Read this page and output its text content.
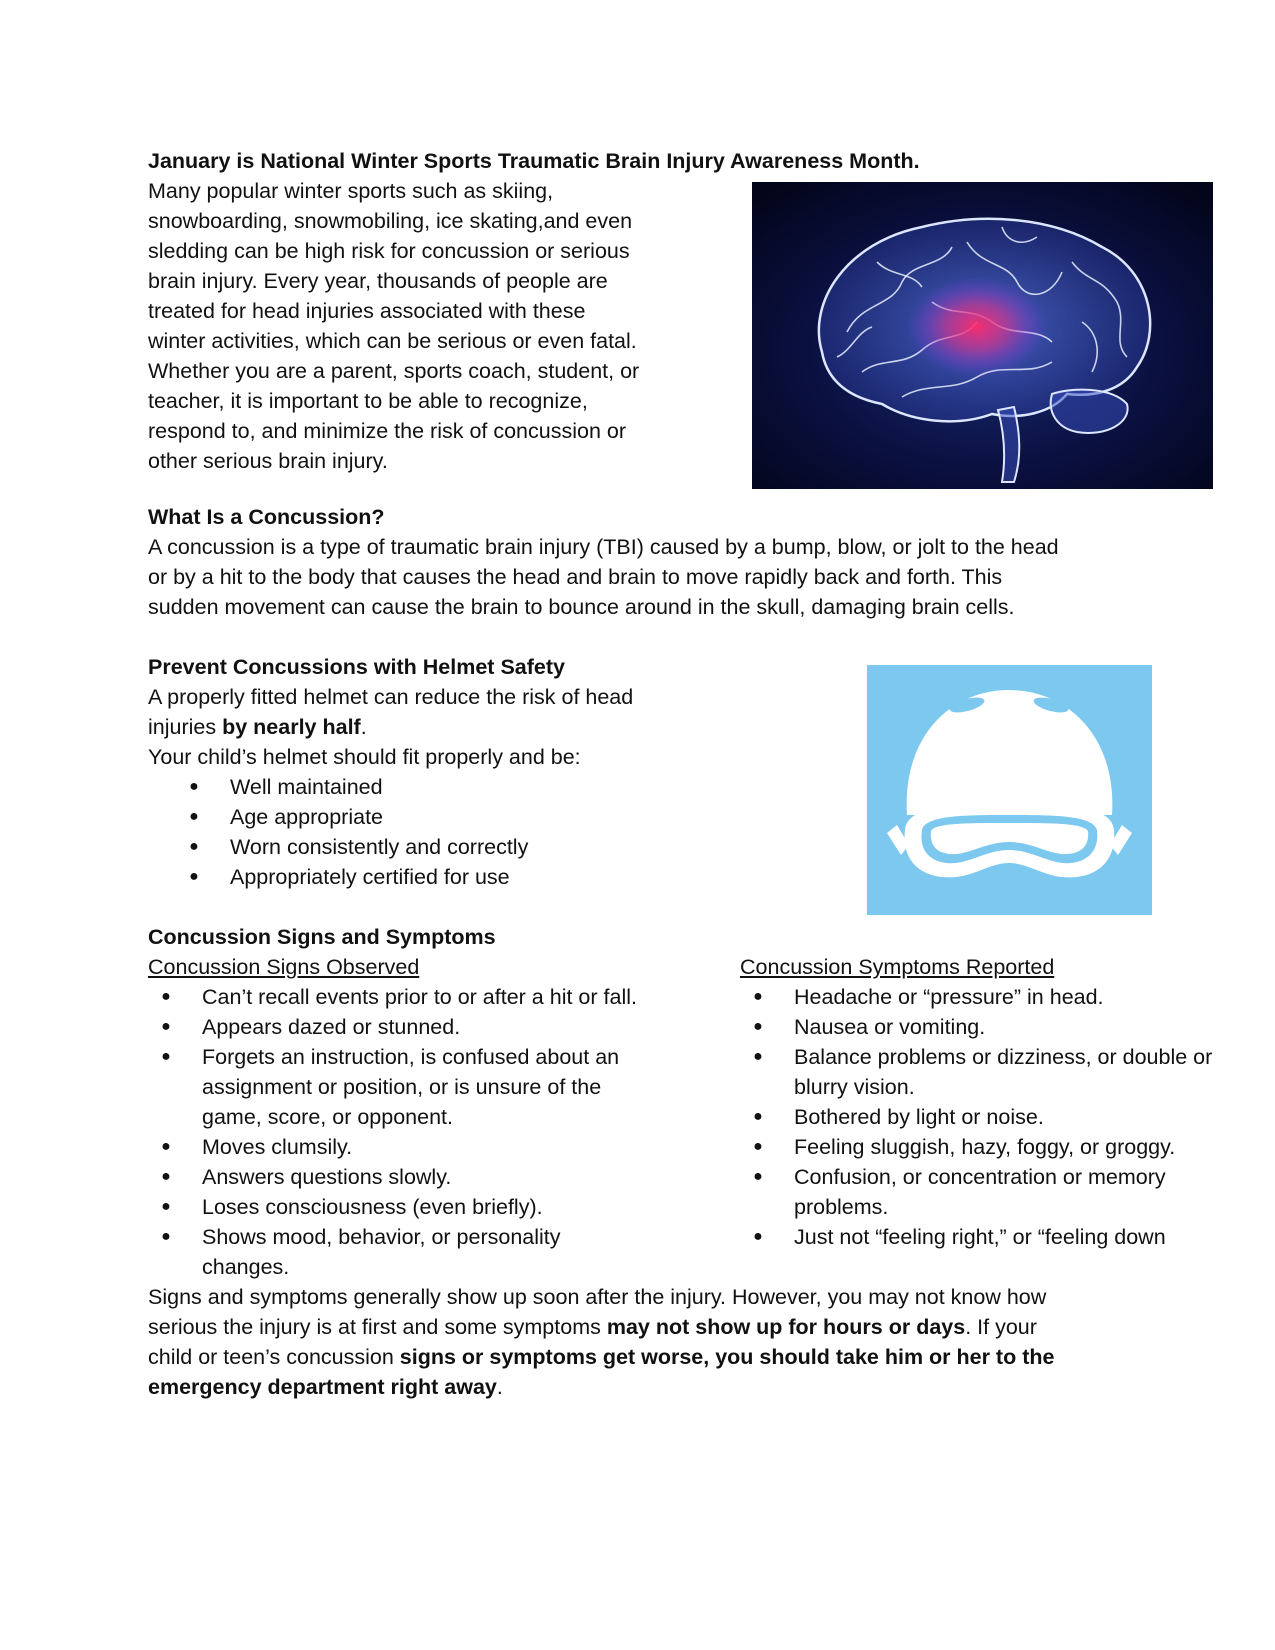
January is National Winter Sports Traumatic Brain Injury Awareness Month.

Many popular winter sports such as skiing,
snowboarding, snowmobiling, ice skating,and even
sledding can be high risk for concussion or serious
brain injury. Every year, thousands of people are
treated for head injuries associated with these
winter activities, which can be serious or even fatal.
Whether you are a parent, sports coach, student, or
teacher, it is important to be able to recognize,
respond to, and minimize the risk of concussion or
other serious brain injury.

What Is a Concussion?

A concussion is a type of traumatic brain injury (TBI) caused by a bump, blow, or jolt to the head
or by a hit to the body that causes the head and brain to move rapidly back and forth. This
sudden movement can cause the brain to bounce around in the skull, damaging brain cells.

Prevent Concussions with Helmet Safety

A properly fitted helmet can reduce the risk of head

injuries by nearly half.

Your child’s helmet should fit properly and be:

● Well maintained
● Age appropriate
● Worn consistently and correctly
● Appropriately certified for use

Concussion Signs and Symptoms

Concussion Signs Observed	Concussion Symptoms Reported

● Can’t recall events prior to or after a hit or fall.
● Appears dazed or stunned.
● Forgets an instruction, is confused about an
assignment or position, or is unsure of the
game, score, or opponent.
● Moves clumsily.
● Answers questions slowly.
● Loses consciousness (even briefly).
● Shows mood, behavior, or personality
changes.
● Headache or “pressure” in head.
● Nausea or vomiting.
● Balance problems or dizziness, or double or
blurry vision.
● Bothered by light or noise.
● Feeling sluggish, hazy, foggy, or groggy.
● Confusion, or concentration or memory
problems.
● Just not “feeling right,” or “feeling down

Signs and symptoms generally show up soon after the injury. However, you may not know how

serious the injury is at first and some symptoms may not show up for hours or days. If your

child or teen’s concussion signs or symptoms get worse, you should take him or her to the

emergency department right away.
